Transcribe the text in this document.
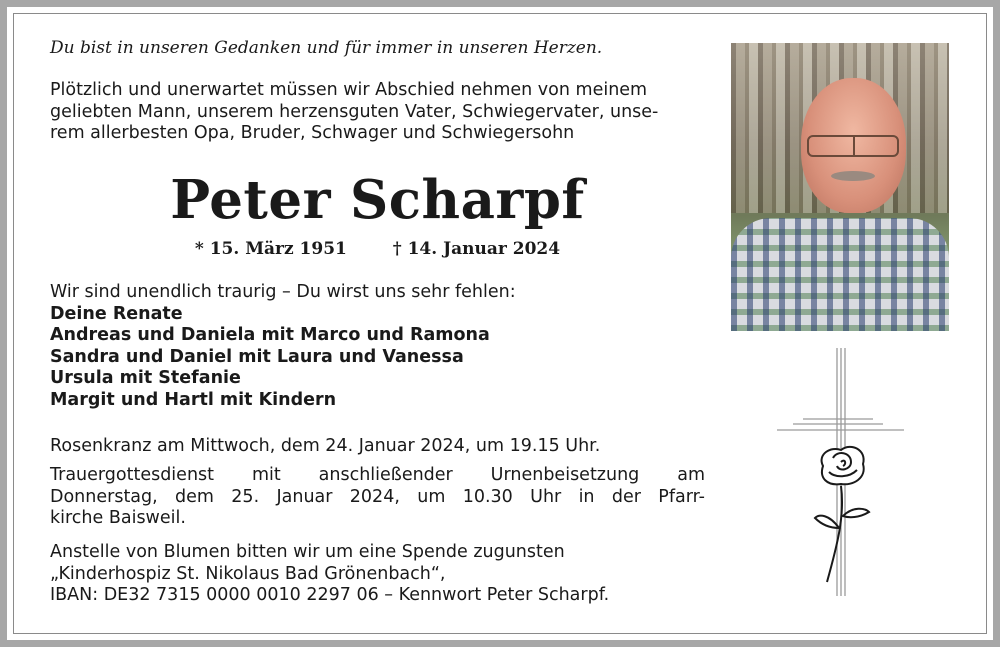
Du bist in unseren Gedanken und für immer in unseren Herzen.
Plötzlich und unerwartet müssen wir Abschied nehmen von meinem
geliebten Mann, unserem herzensguten Vater, Schwiegervater, unse-
rem allerbesten Opa, Bruder, Schwager und Schwiegersohn
Peter Scharpf
* 15. März 1951	† 14. Januar 2024
Wir sind unendlich traurig – Du wirst uns sehr fehlen:
Deine Renate
Andreas und Daniela mit Marco und Ramona
Sandra und Daniel mit Laura und Vanessa
Ursula mit Stefanie
Margit und Hartl mit Kindern
Rosenkranz am Mittwoch, dem 24. Januar 2024, um 19.15 Uhr.
Trauergottesdienst mit anschließender Urnenbeisetzung am
Donnerstag, dem 25. Januar 2024, um 10.30 Uhr in der Pfarr-
kirche Baisweil.
Anstelle von Blumen bitten wir um eine Spende zugunsten
„Kinderhospiz St. Nikolaus Bad Grönenbach“,
IBAN: DE32 7315 0000 0010 2297 06 – Kennwort Peter Scharpf.
